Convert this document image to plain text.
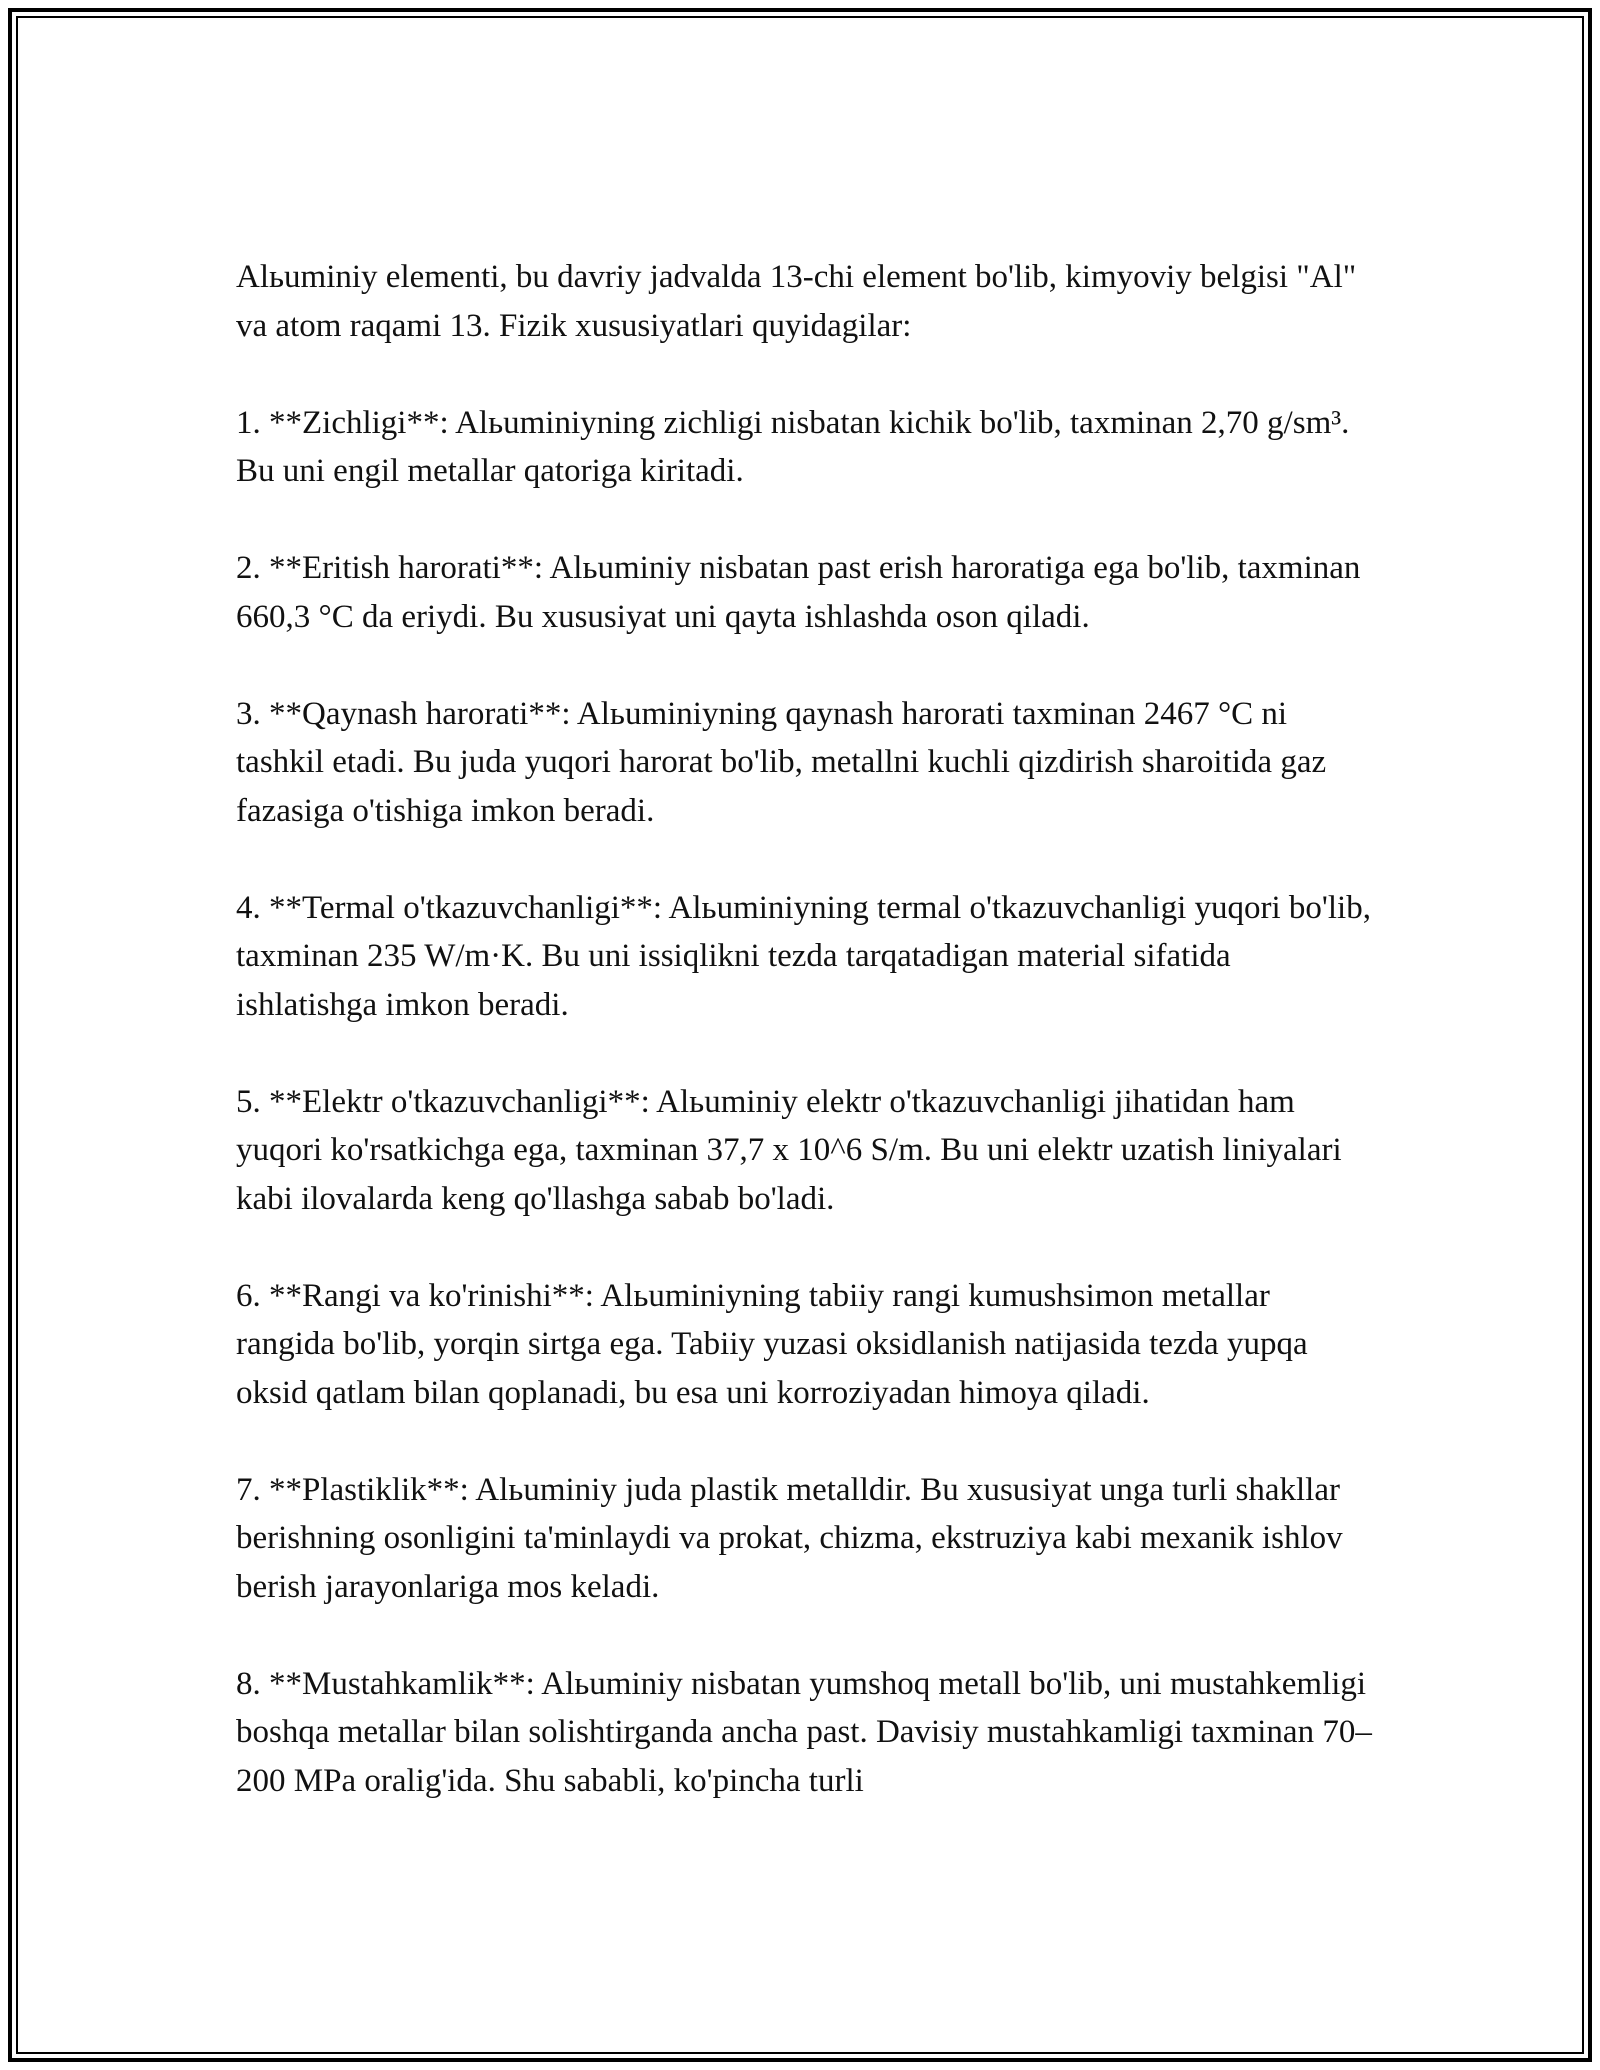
Alьuminiy elementi, bu davriy jadvalda 13-chi element bo'lib, kimyoviy belgisi "Al" va atom raqami 13. Fizik xususiyatlari quyidagilar:

1. **Zichligi**: Alьuminiyning zichligi nisbatan kichik bo'lib, taxminan 2,70 g/sm³. Bu uni engil metallar qatoriga kiritadi.

2. **Eritish harorati**: Alьuminiy nisbatan past erish haroratiga ega bo'lib, taxminan 660,3 °C da eriydi. Bu xususiyat uni qayta ishlashda oson qiladi.

3. **Qaynash harorati**: Alьuminiyning qaynash harorati taxminan 2467 °C ni tashkil etadi. Bu juda yuqori harorat bo'lib, metallni kuchli qizdirish sharoitida gaz fazasiga o'tishiga imkon beradi.

4. **Termal o'tkazuvchanligi**: Alьuminiyning termal o'tkazuvchanligi yuqori bo'lib, taxminan 235 W/m·K. Bu uni issiqlikni tezda tarqatadigan material sifatida ishlatishga imkon beradi.

5. **Elektr o'tkazuvchanligi**: Alьuminiy elektr o'tkazuvchanligi jihatidan ham yuqori ko'rsatkichga ega, taxminan 37,7 x 10^6 S/m. Bu uni elektr uzatish liniyalari kabi ilovalarda keng qo'llashga sabab bo'ladi.

6. **Rangi va ko'rinishi**: Alьuminiyning tabiiy rangi kumushsimon metallar rangida bo'lib, yorqin sirtga ega. Tabiiy yuzasi oksidlanish natijasida tezda yupqa oksid qatlam bilan qoplanadi, bu esa uni korroziyadan himoya qiladi.

7. **Plastiklik**: Alьuminiy juda plastik metalldir. Bu xususiyat unga turli shakllar berishning osonligini ta'minlaydi va prokat, chizma, ekstruziya kabi mexanik ishlov berish jarayonlariga mos keladi.

8. **Mustahkamlik**: Alьuminiy nisbatan yumshoq metall bo'lib, uni mustahkemligi boshqa metallar bilan solishtirganda ancha past. Davisiy mustahkamligi taxminan 70–200 MPa oralig'ida. Shu sababli, ko'pincha turli
